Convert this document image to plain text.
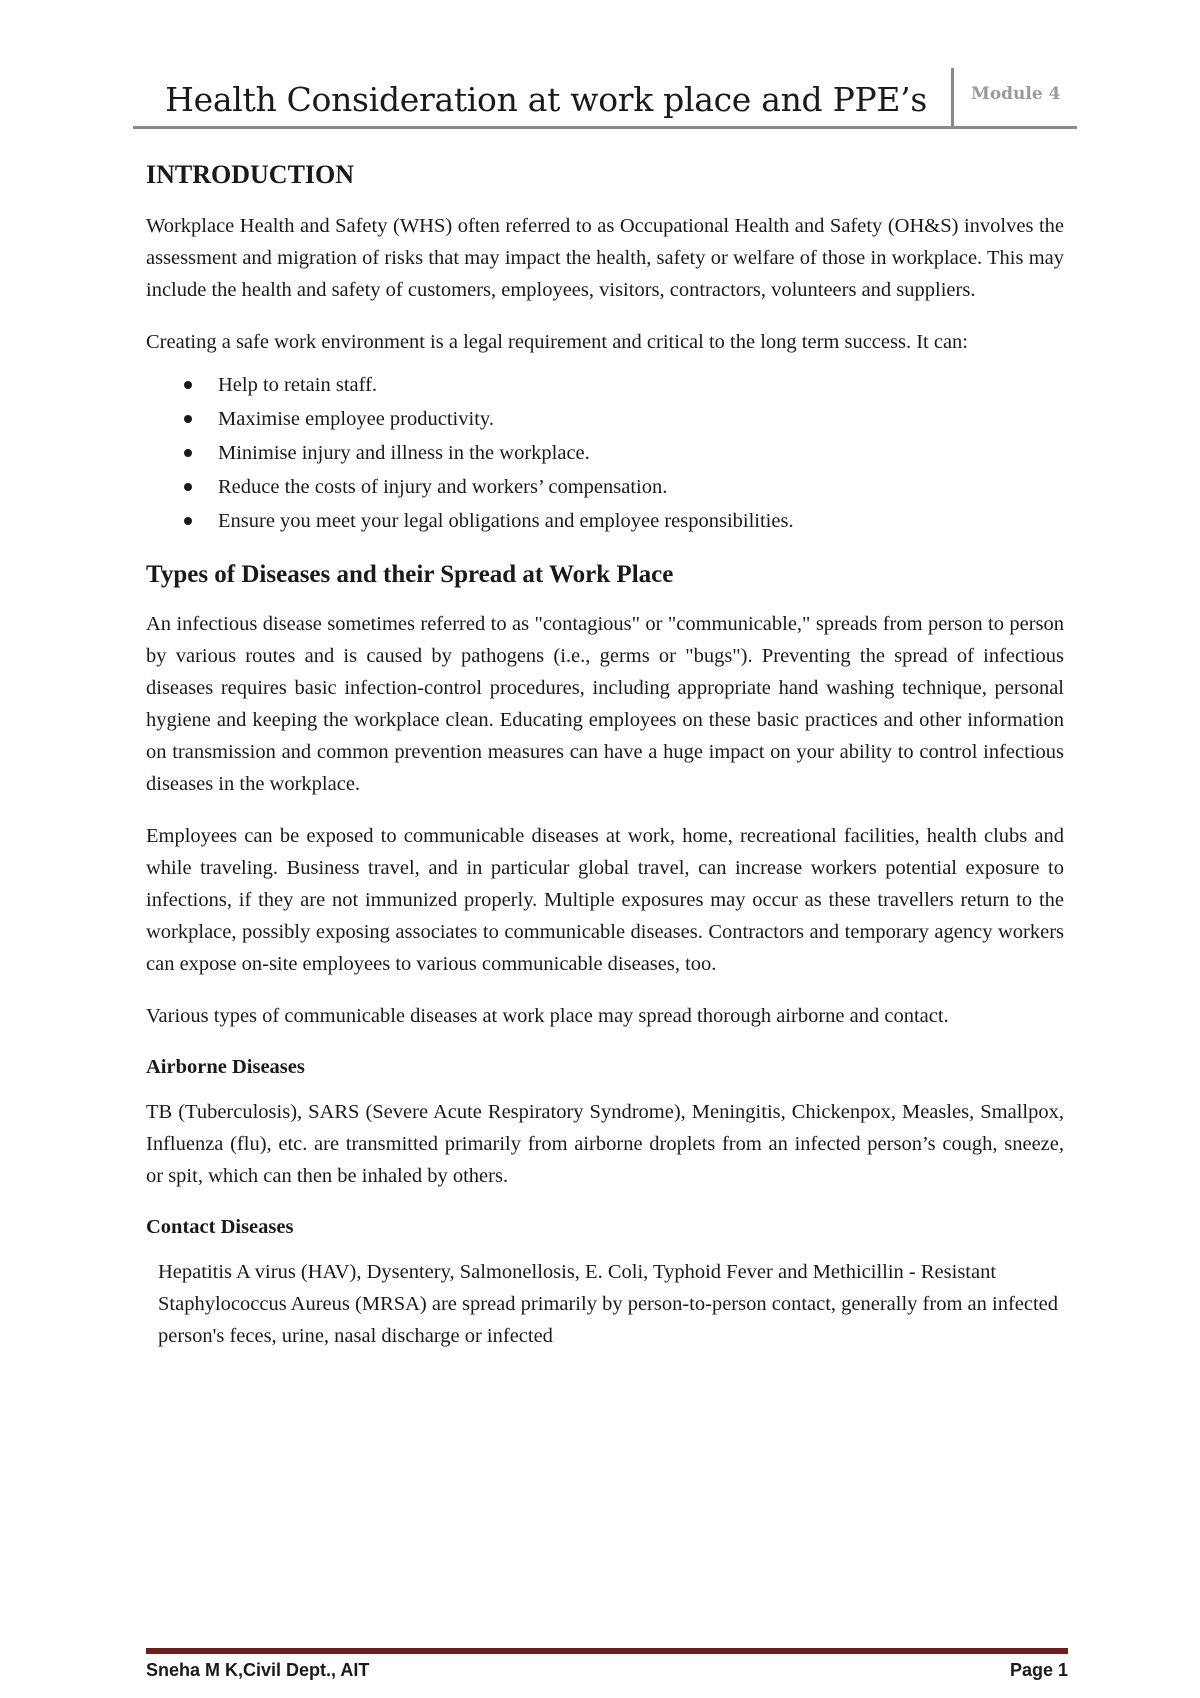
Health Consideration at work place and PPE’s	Module 4
INTRODUCTION

Workplace Health and Safety (WHS) often referred to as Occupational Health and Safety (OH&S) involves the assessment and migration of risks that may impact the health, safety or welfare of those in workplace. This may include the health and safety of customers, employees, visitors, contractors, volunteers and suppliers.

Creating a safe work environment is a legal requirement and critical to the long term success. It can:

Help to retain staff.
Maximise employee productivity.
Minimise injury and illness in the workplace.
Reduce the costs of injury and workers’ compensation.
Ensure you meet your legal obligations and employee responsibilities.
Types of Diseases and their Spread at Work Place

An infectious disease sometimes referred to as "contagious" or "communicable," spreads from person to person by various routes and is caused by pathogens (i.e., germs or "bugs"). Preventing the spread of infectious diseases requires basic infection-control procedures, including appropriate hand washing technique, personal hygiene and keeping the workplace clean. Educating employees on these basic practices and other information on transmission and common prevention measures can have a huge impact on your ability to control infectious diseases in the workplace.

Employees can be exposed to communicable diseases at work, home, recreational facilities, health clubs and while traveling. Business travel, and in particular global travel, can increase workers potential exposure to infections, if they are not immunized properly. Multiple exposures may occur as these travellers return to the workplace, possibly exposing associates to communicable diseases. Contractors and temporary agency workers can expose on-site employees to various communicable diseases, too.

Various types of communicable diseases at work place may spread thorough airborne and contact.

Airborne Diseases

TB (Tuberculosis), SARS (Severe Acute Respiratory Syndrome), Meningitis, Chickenpox, Measles, Smallpox, Influenza (flu), etc. are transmitted primarily from airborne droplets from an infected person’s cough, sneeze, or spit, which can then be inhaled by others.

Contact Diseases

Hepatitis A virus (HAV), Dysentery, Salmonellosis, E. Coli, Typhoid Fever and Methicillin - Resistant Staphylococcus Aureus (MRSA) are spread primarily by person-to-person contact, generally from an infected person's feces, urine, nasal discharge or infected

Sneha M K,Civil Dept., AIT	Page 1
